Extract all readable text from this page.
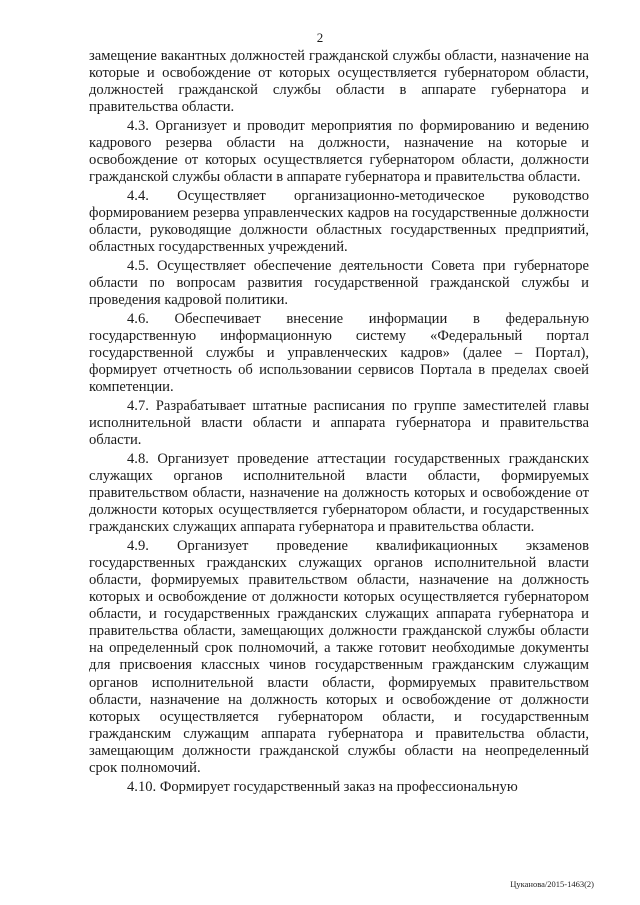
2

замещение вакантных должностей гражданской службы области, назначение на которые и освобождение от которых осуществляется губернатором области, должностей гражданской службы области в аппарате губернатора и правительства области.

4.3. Организует и проводит мероприятия по формированию и ведению кадрового резерва области на должности, назначение на которые и освобождение от которых осуществляется губернатором области, должности гражданской службы области в аппарате губернатора и правительства области.

4.4. Осуществляет организационно-методическое руководство формированием резерва управленческих кадров на государственные должности области, руководящие должности областных государственных предприятий, областных государственных учреждений.

4.5. Осуществляет обеспечение деятельности Совета при губернаторе области по вопросам развития государственной гражданской службы и проведения кадровой политики.

4.6. Обеспечивает внесение информации в федеральную государственную информационную систему «Федеральный портал государственной службы и управленческих кадров» (далее – Портал), формирует отчетность об использовании сервисов Портала в пределах своей компетенции.

4.7. Разрабатывает штатные расписания по группе заместителей главы исполнительной власти области и аппарата губернатора и правительства области.

4.8. Организует проведение аттестации государственных гражданских служащих органов исполнительной власти области, формируемых правительством области, назначение на должность которых и освобождение от должности которых осуществляется губернатором области, и государственных гражданских служащих аппарата губернатора и правительства области.

4.9. Организует проведение квалификационных экзаменов государственных гражданских служащих органов исполнительной власти области, формируемых правительством области, назначение на должность которых и освобождение от должности которых осуществляется губернатором области, и государственных гражданских служащих аппарата губернатора и правительства области, замещающих должности гражданской службы области на определенный срок полномочий, а также готовит необходимые документы для присвоения классных чинов государственным гражданским служащим органов исполнительной власти области, формируемых правительством области, назначение на должность которых и освобождение от должности которых осуществляется губернатором области, и государственным гражданским служащим аппарата губернатора и правительства области, замещающим должности гражданской службы области на неопределенный срок полномочий.

4.10. Формирует государственный заказ на профессиональную

Цуканова/2015-1463(2)
